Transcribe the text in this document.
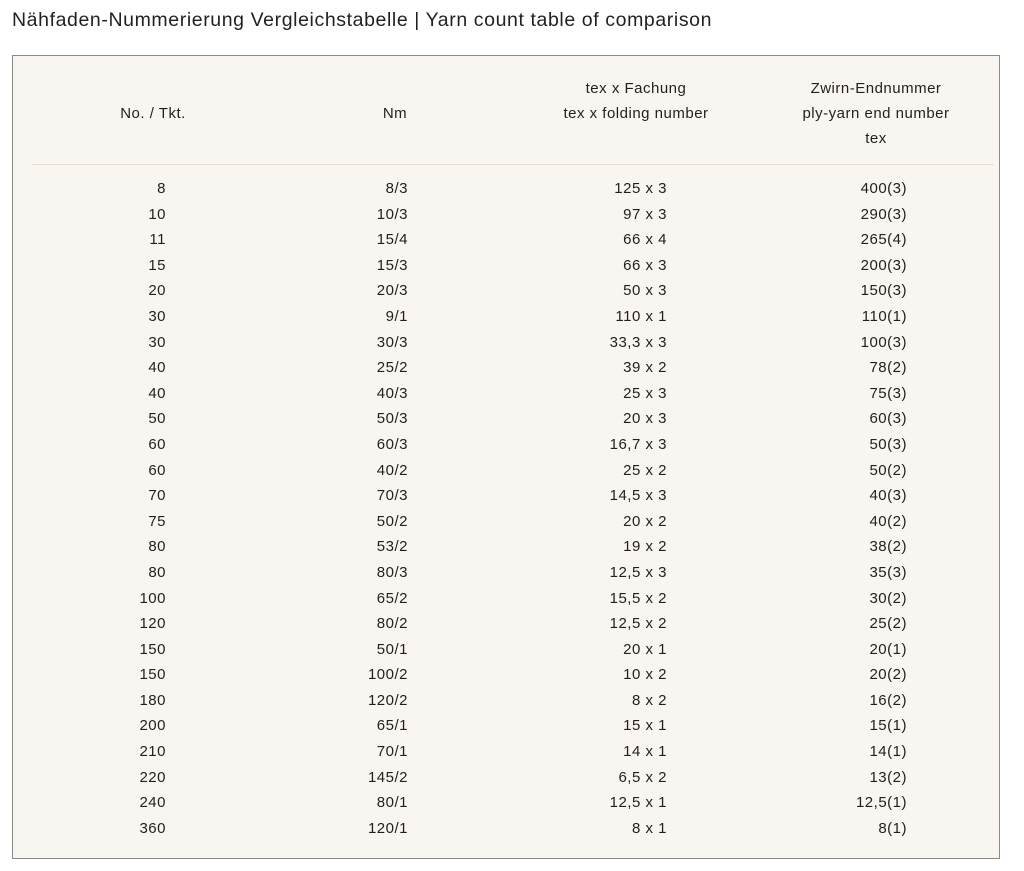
Nähfaden-Nummerierung Vergleichstabelle | Yarn count table of comparison
No. / Tkt.	Nm
tex x Fachung
tex x folding number
Zwirn-Endnummer
ply-yarn end number
tex
8	8/3	125 x 3	400(3)
10	10/3	97 x 3	290(3)
11	15/4	66 x 4	265(4)
15	15/3	66 x 3	200(3)
20	20/3	50 x 3	150(3)
30	9/1	110 x 1	110(1)
30	30/3	33,3 x 3	100(3)
40	25/2	39 x 2	78(2)
40	40/3	25 x 3	75(3)
50	50/3	20 x 3	60(3)
60	60/3	16,7 x 3	50(3)
60	40/2	25 x 2	50(2)
70	70/3	14,5 x 3	40(3)
75	50/2	20 x 2	40(2)
80	53/2	19 x 2	38(2)
80	80/3	12,5 x 3	35(3)
100	65/2	15,5 x 2	30(2)
120	80/2	12,5 x 2	25(2)
150	50/1	20 x 1	20(1)
150	100/2	10 x 2	20(2)
180	120/2	8 x 2	16(2)
200	65/1	15 x 1	15(1)
210	70/1	14 x 1	14(1)
220	145/2	6,5 x 2	13(2)
240	80/1	12,5 x 1	12,5(1)
360	120/1	8 x 1	8(1)
